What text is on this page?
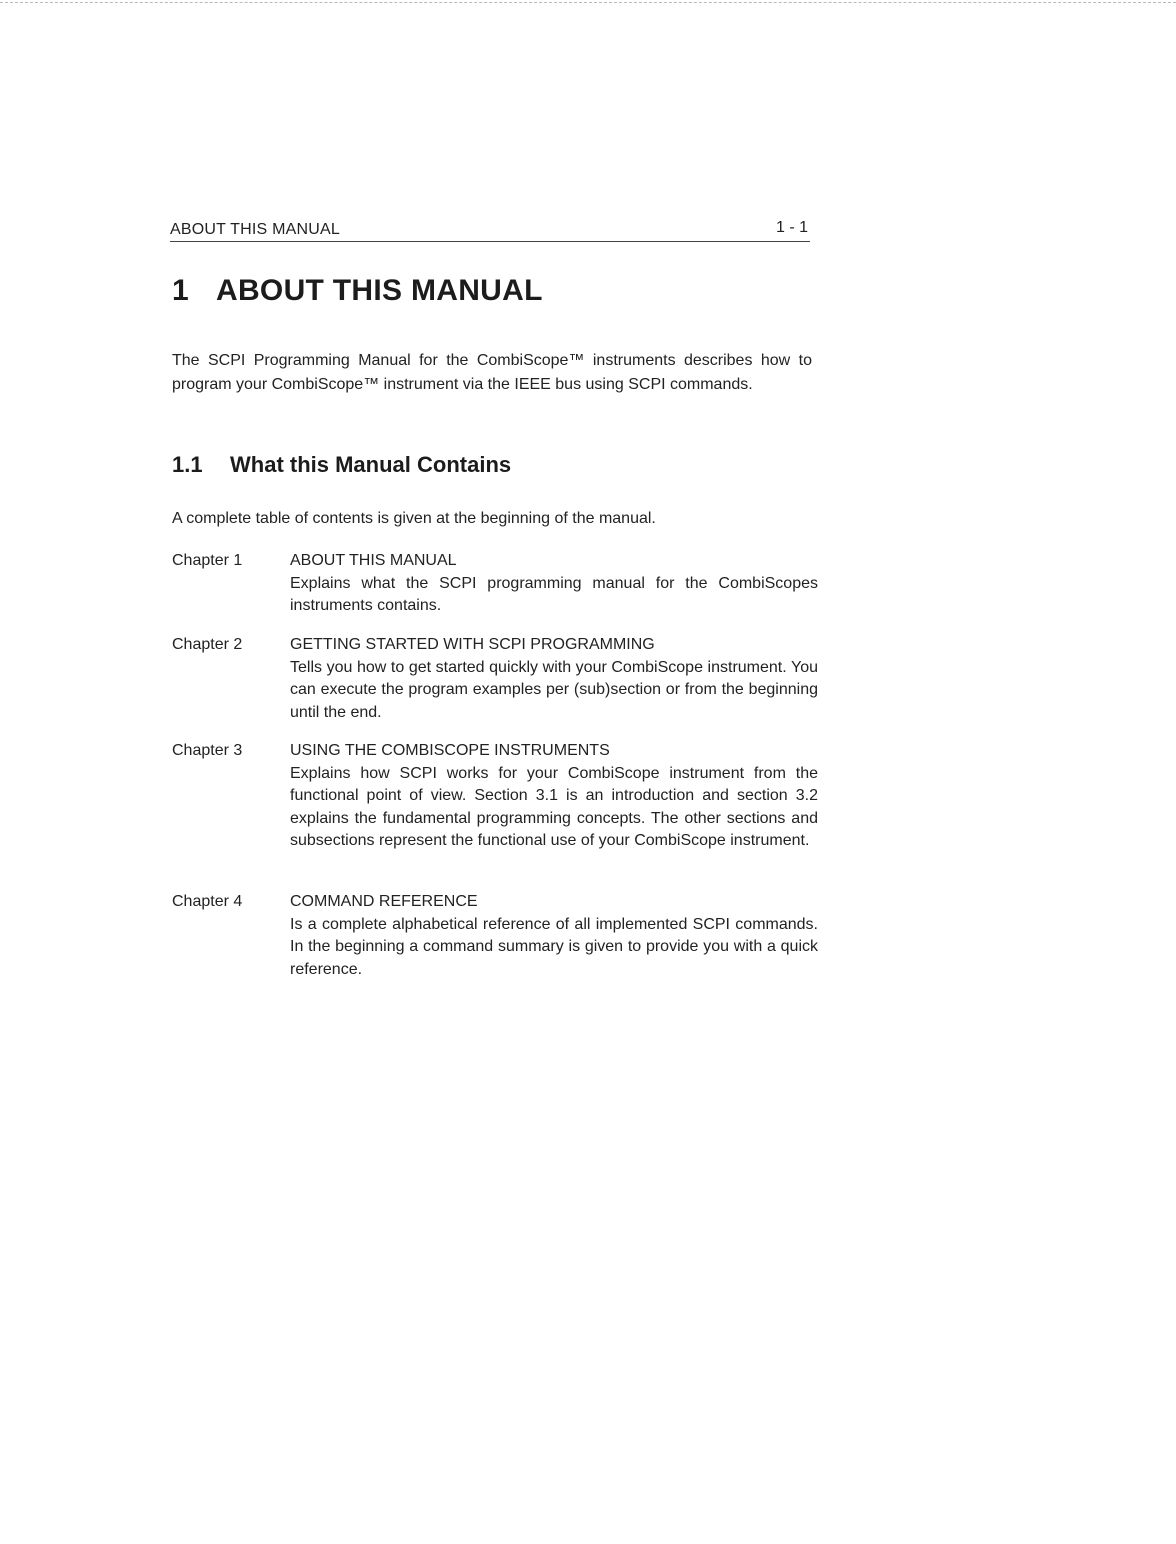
ABOUT THIS MANUAL	1 - 1
1 ABOUT THIS MANUAL
The SCPI Programming Manual for the CombiScope™ instruments describes how to program your CombiScope™ instrument via the IEEE bus using SCPI commands.
1.1 What this Manual Contains
A complete table of contents is given at the beginning of the manual.
Chapter 1	ABOUT THIS MANUAL
Explains what the SCPI programming manual for the CombiScopes instruments contains.
Chapter 2	GETTING STARTED WITH SCPI PROGRAMMING
Tells you how to get started quickly with your CombiScope instrument. You can execute the program examples per (sub)section or from the beginning until the end.
Chapter 3	USING THE COMBISCOPE INSTRUMENTS
Explains how SCPI works for your CombiScope instrument from the functional point of view. Section 3.1 is an introduction and section 3.2 explains the fundamental programming concepts. The other sections and subsections represent the functional use of your CombiScope instrument.
Chapter 4	COMMAND REFERENCE
Is a complete alphabetical reference of all implemented SCPI commands. In the beginning a command summary is given to provide you with a quick reference.
